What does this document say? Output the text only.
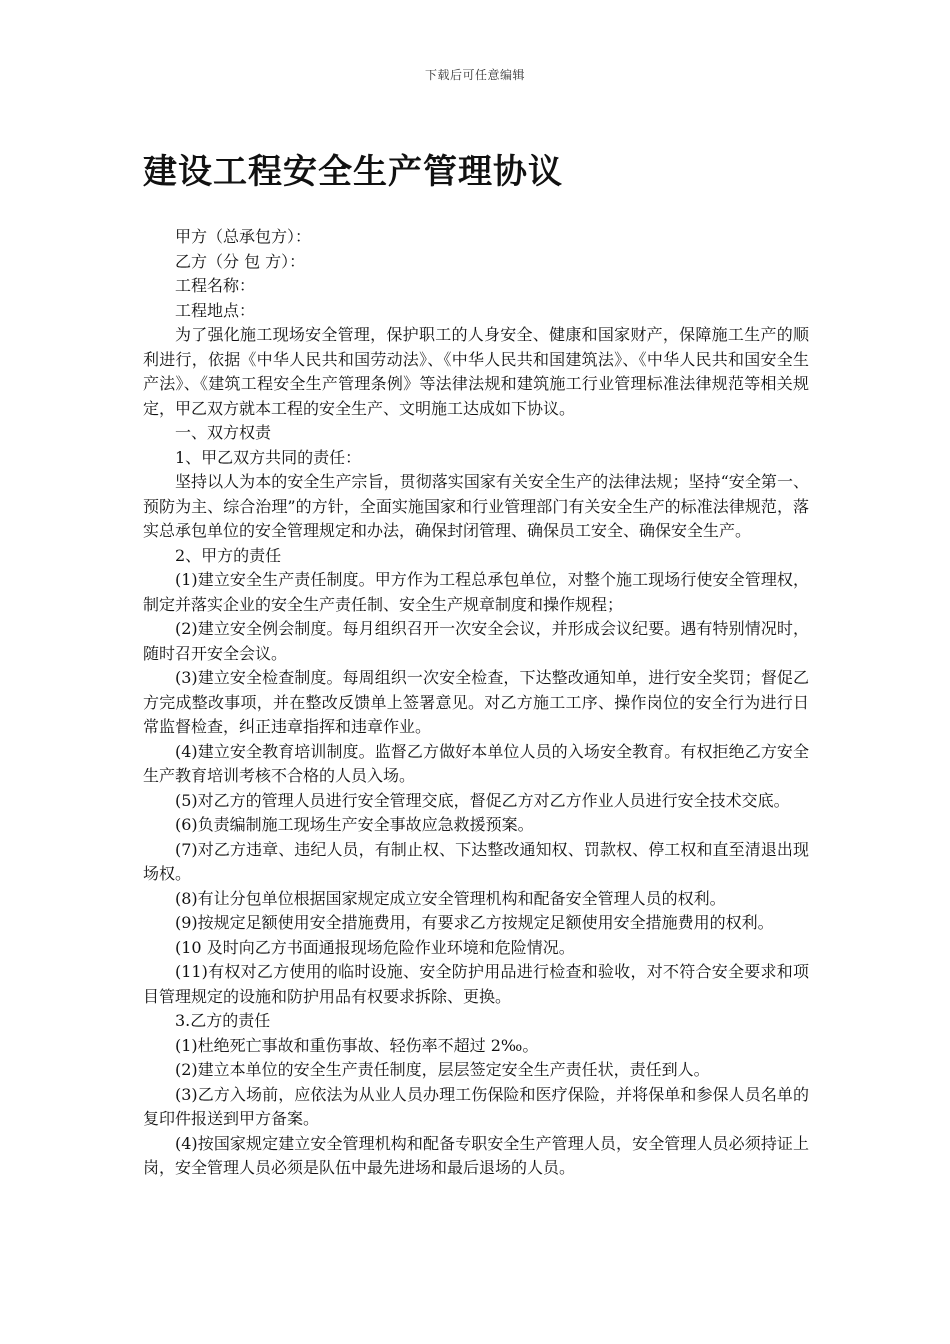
下载后可任意编辑
建设工程安全生产管理协议

甲方（总承包方）：

乙方（分 包 方）：

工程名称：

工程地点：

为了强化施工现场安全管理，保护职工的人身安全、健康和国家财产，保障施工生产的顺利进行，依据《中华人民共和国劳动法》、《中华人民共和国建筑法》、《中华人民共和国安全生产法》、《建筑工程安全生产管理条例》等法律法规和建筑施工行业管理标准法律规范等相关规定，甲乙双方就本工程的安全生产、文明施工达成如下协议。

一、双方权责

1、甲乙双方共同的责任：

坚持以人为本的安全生产宗旨，贯彻落实国家有关安全生产的法律法规；坚持“安全第一、预防为主、综合治理”的方针，全面实施国家和行业管理部门有关安全生产的标准法律规范，落实总承包单位的安全管理规定和办法，确保封闭管理、确保员工安全、确保安全生产。

2、甲方的责任

(1)建立安全生产责任制度。甲方作为工程总承包单位，对整个施工现场行使安全管理权，制定并落实企业的安全生产责任制、安全生产规章制度和操作规程；

(2)建立安全例会制度。每月组织召开一次安全会议，并形成会议纪要。遇有特别情况时，随时召开安全会议。

(3)建立安全检查制度。每周组织一次安全检查，下达整改通知单，进行安全奖罚；督促乙方完成整改事项，并在整改反馈单上签署意见。对乙方施工工序、操作岗位的安全行为进行日常监督检查，纠正违章指挥和违章作业。

(4)建立安全教育培训制度。监督乙方做好本单位人员的入场安全教育。有权拒绝乙方安全生产教育培训考核不合格的人员入场。

(5)对乙方的管理人员进行安全管理交底，督促乙方对乙方作业人员进行安全技术交底。

(6)负责编制施工现场生产安全事故应急救援预案。

(7)对乙方违章、违纪人员，有制止权、下达整改通知权、罚款权、停工权和直至清退出现场权。

(8)有让分包单位根据国家规定成立安全管理机构和配备安全管理人员的权利。

(9)按规定足额使用安全措施费用，有要求乙方按规定足额使用安全措施费用的权利。

(10 及时向乙方书面通报现场危险作业环境和危险情况。

(11)有权对乙方使用的临时设施、安全防护用品进行检查和验收，对不符合安全要求和项目管理规定的设施和防护用品有权要求拆除、更换。

3.乙方的责任

(1)杜绝死亡事故和重伤事故、轻伤率不超过 2‰。

(2)建立本单位的安全生产责任制度，层层签定安全生产责任状，责任到人。

(3)乙方入场前，应依法为从业人员办理工伤保险和医疗保险，并将保单和参保人员名单的复印件报送到甲方备案。

(4)按国家规定建立安全管理机构和配备专职安全生产管理人员，安全管理人员必须持证上岗，安全管理人员必须是队伍中最先进场和最后退场的人员。
